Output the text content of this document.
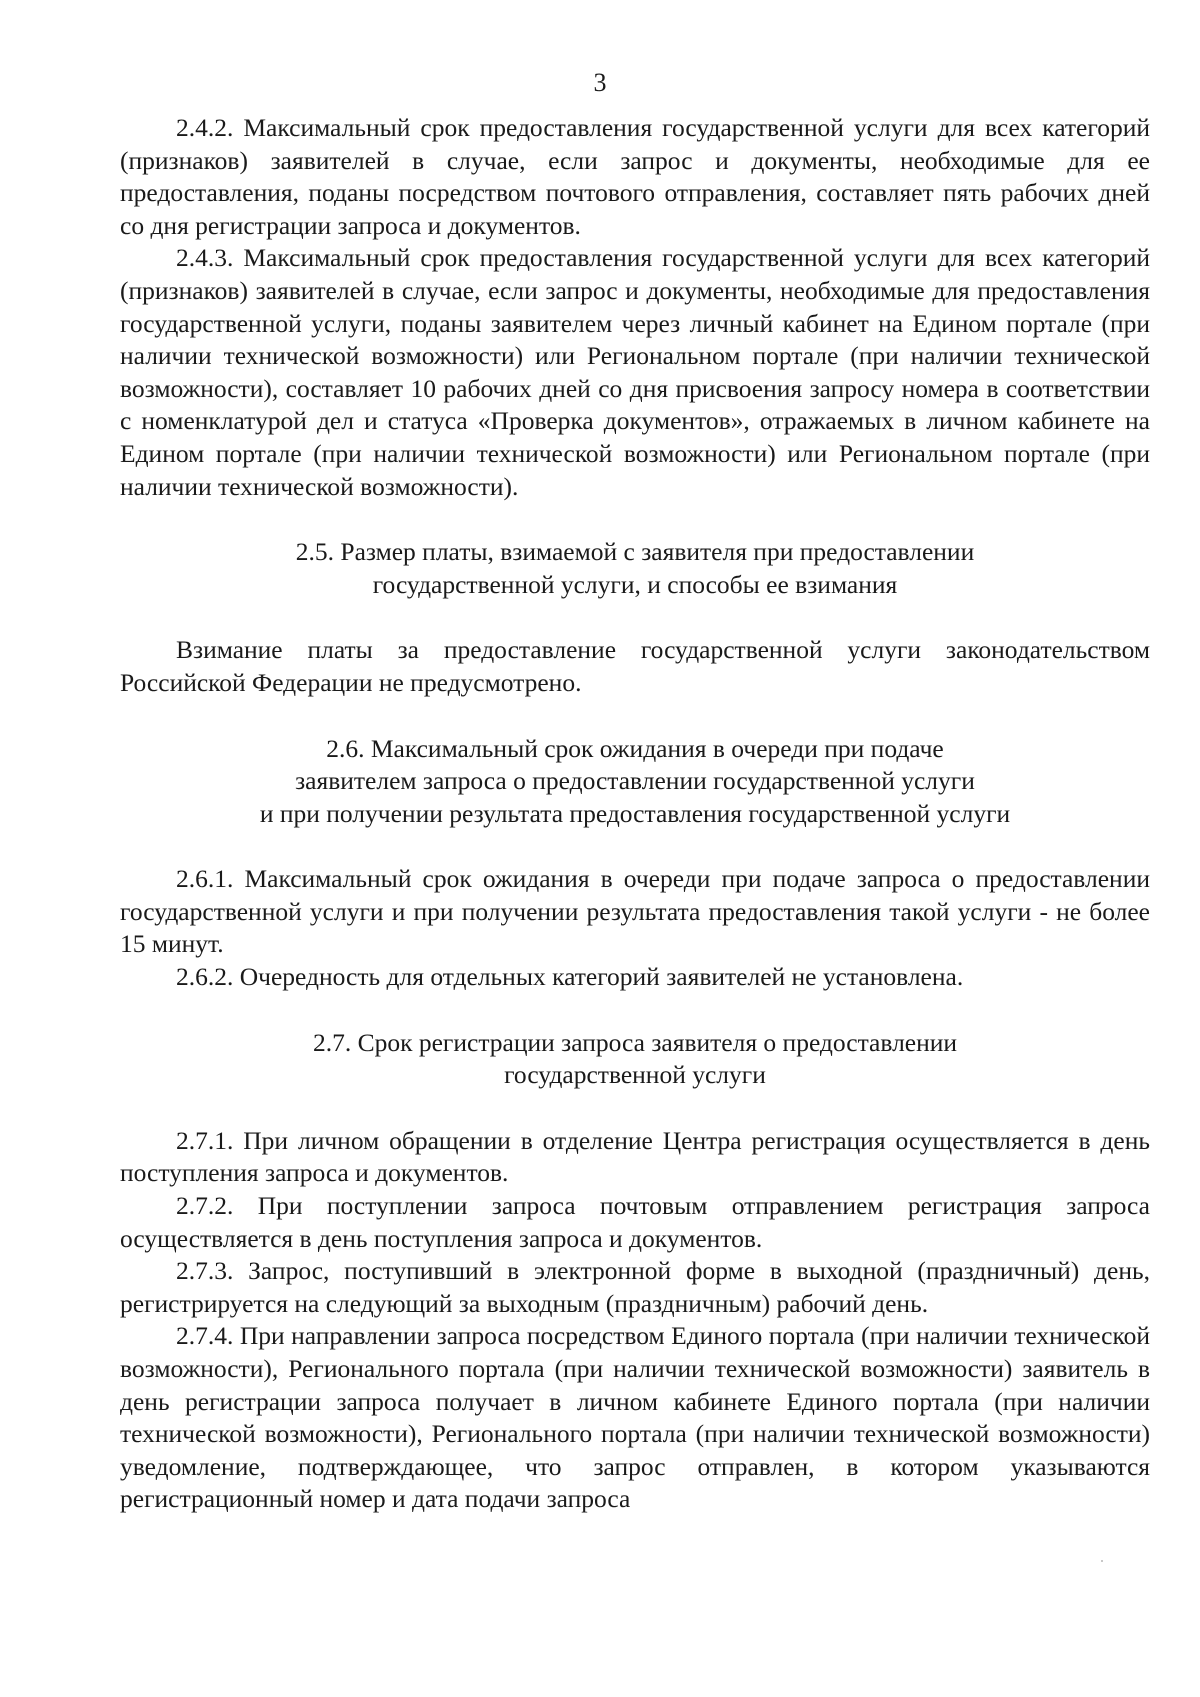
3

2.4.2. Максимальный срок предоставления государственной услуги для всех категорий (признаков) заявителей в случае, если запрос и документы, необходимые для ее предоставления, поданы посредством почтового отправления, составляет пять рабочих дней со дня регистрации запроса и документов.

2.4.3. Максимальный срок предоставления государственной услуги для всех категорий (признаков) заявителей в случае, если запрос и документы, необходимые для предоставления государственной услуги, поданы заявителем через личный кабинет на Едином портале (при наличии технической возможности) или Региональном портале (при наличии технической возможности), составляет 10 рабочих дней со дня присвоения запросу номера в соответствии с номенклатурой дел и статуса «Проверка документов», отражаемых в личном кабинете на Едином портале (при наличии технической возможности) или Региональном портале (при наличии технической возможности).

2.5. Размер платы, взимаемой с заявителя при предоставлении
государственной услуги, и способы ее взимания

Взимание платы за предоставление государственной услуги законодательством Российской Федерации не предусмотрено.

2.6. Максимальный срок ожидания в очереди при подаче
заявителем запроса о предоставлении государственной услуги
и при получении результата предоставления государственной услуги

2.6.1. Максимальный срок ожидания в очереди при подаче запроса о предоставлении государственной услуги и при получении результата предоставления такой услуги - не более 15 минут.

2.6.2. Очередность для отдельных категорий заявителей не установлена.

2.7. Срок регистрации запроса заявителя о предоставлении
государственной услуги

2.7.1. При личном обращении в отделение Центра регистрация осуществляется в день поступления запроса и документов.

2.7.2. При поступлении запроса почтовым отправлением регистрация запроса осуществляется в день поступления запроса и документов.

2.7.3. Запрос, поступивший в электронной форме в выходной (праздничный) день, регистрируется на следующий за выходным (праздничным) рабочий день.

2.7.4. При направлении запроса посредством Единого портала (при наличии технической возможности), Регионального портала (при наличии технической возможности) заявитель в день регистрации запроса получает в личном кабинете Единого портала (при наличии технической возможности), Регионального портала (при наличии технической возможности) уведомление, подтверждающее, что запрос отправлен, в котором указываются регистрационный номер и дата подачи запроса
